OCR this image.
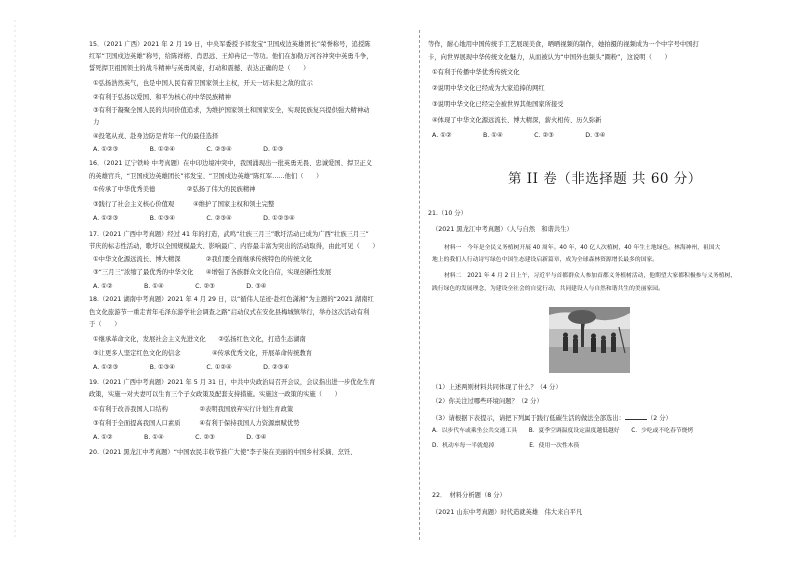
15．（2021 广西）2021 年 2 月 19 日，中央军委授予祁发宝“卫国戍边英雄团长”荣誉称号，追授陈
红军“卫国戍边英雄”称号，给陈祥榕、肖思远、王焯冉记一等功。他们在加勒万河谷冲突中英勇斗争，
誓死捍卫祖国领土的战斗精神与英勇风姿，打动和震撼、表达正确的是（　　）
①弘扬浩然英气，也是中国人民有着卫国家领土主权，开天一切未犯之敌的宣示
②有利于弘扬以爱国、和平为核心的中华民族精神
③有利于凝聚全国人民的共同价值追求，为维护国家领土和国家安全，实现民族复兴提供强大精神动
力
④投笔从戎、赴身边防是青年一代的最佳选择
A. ①②③　　　　　B. ①②④　　　　　C. ②③④　　　　　D. ①③
16．（2021 辽宁铁岭 中考真题）在中印边境冲突中，我国涌现出一批英勇无畏、忠诚爱国、捍卫正义
的英雄官兵，“卫国戍边英雄团长”祁发宝、“卫国戍边英雄”陈红军……他们（　　）
①传承了中华优秀美德　　　　　②弘扬了伟大的民族精神
③践行了社会主义核心价值观　　　④维护了国家主权和领土完整
A. ①②③　　　　　B. ①③④　　　　　C. ②③④　　　　　D. ①②③④
17.（2021 广西中考真题）经过 41 年的打造，武鸣“壮族三月三”歌圩活动已成为广西“壮族三月三”
节庆的标志性活动，歌圩以全国规模最大、影响最广、内容最丰富为突出的活动取得，由此可见（　　）
①中华文化源远流长、博大精深　　　　②我们要全面继承传统特色的传统文化
③“三月三”浓缩了最优秀的中华文化　　④增强了各族群众文化自信，实现创新性发展
A. ①②　　　　　B. ①④　　　　　C. ②③　　　　　D. ③④
18.（2021 湖南中考真题）2021 年 4 月 29 日，以“循伟人足迹·赴红色潇湘”为主题的“2021 湖南红
色文化旅游节一重走青年毛泽东游学社会调查之路”启动仪式在安化县梅城镇举行，举办这次活动有利
于（　　）
①继承革命文化，发展社会主义先进文化　　②弘扬红色文化，打造生态湖南
③让更多人坚定红色文化的信念　　　　　④传承优秀文化，开展革命传统教育
A. ①②③　　　　　B. ①③④　　　　　C. ①②④　　　　　D. ②③④
19.（2021 广西中考真题）2021 年 5 月 31 日，中共中央政治局召开会议，会议指出进一步优化生育
政策，实施一对夫妻可以生育三个子女政策及配套支持措施。实施这一政策的实施（　　）
①有利于改善我国人口结构　　　　　②表明我国放弃实行计划生育政策
③有利于全面提高我国人口素质　　　④有利于保持我国人力资源禀赋优势
A. ①②　　　　　B. ①④　　　　　C. ②③　　　　　D. ③④
20.（2021 黑龙江中考真题）“中国农民丰收节推广大使”李子柒在美丽的中国乡村采摘、烹饪、
等作，耐心地用中国传统手工艺展现美食，晒晒视频的制作，她拍摄的视频成为一个中字号中国打
卡，向世界展现中华传统文化魅力，从而被认为“中国外也频头“圈粉”，这说明（　　）
①有利于传播中华优秀传统文化
②说明中华文化已经成为大家追捧的网红
③说明中华文化已经完全被世界其他国家所接受
④体现了中华文化源远流长、博大精深，薪火相传、历久弥新
A. ①②　　　　　B. ①④　　　　　C. ②③　　　　　D. ③④
第 II 卷（非选择题 共 60 分）
21.（10 分）
（2021 黑龙江中考真题）（人与自然　和谐共生）
材料一　今年是全民义务植树开展 40 周年。40 年，40 亿人次植树，40 年生土地绿色。林海神州，祖国大
地上的我们人行动诗写绿色中国生态建设启新篇章，成为全球森林资源增长最多的国家。
材料二　2021 年 4 月 2 日上午，习近平与首都群众人参加首都义务植树活动，他期望大家都积极参与义务植树、
践行绿色的发展理念，为建设全社会的自觉行动，共同建设人与自然和谐共生的美丽家园。
（1）上述两则材料共同体现了什么？（4 分）
（2）你关注过哪些环境问题？（2 分）
（3）请根据下表提示，请把下列属于践行低碳生活的做法全部选出：	（2 分）
A．以步代车或乘坐公共交通工具　　B．夏季空调温度设定温度越低越好　　C．少吃或不吃春节烧烤
D．机动车每一半就熄掉　　　　　　E．使用一次性木筷
22．　材料分析题（8 分）
（2021 山东中考真题）时代造就英雄　伟大来自平凡
